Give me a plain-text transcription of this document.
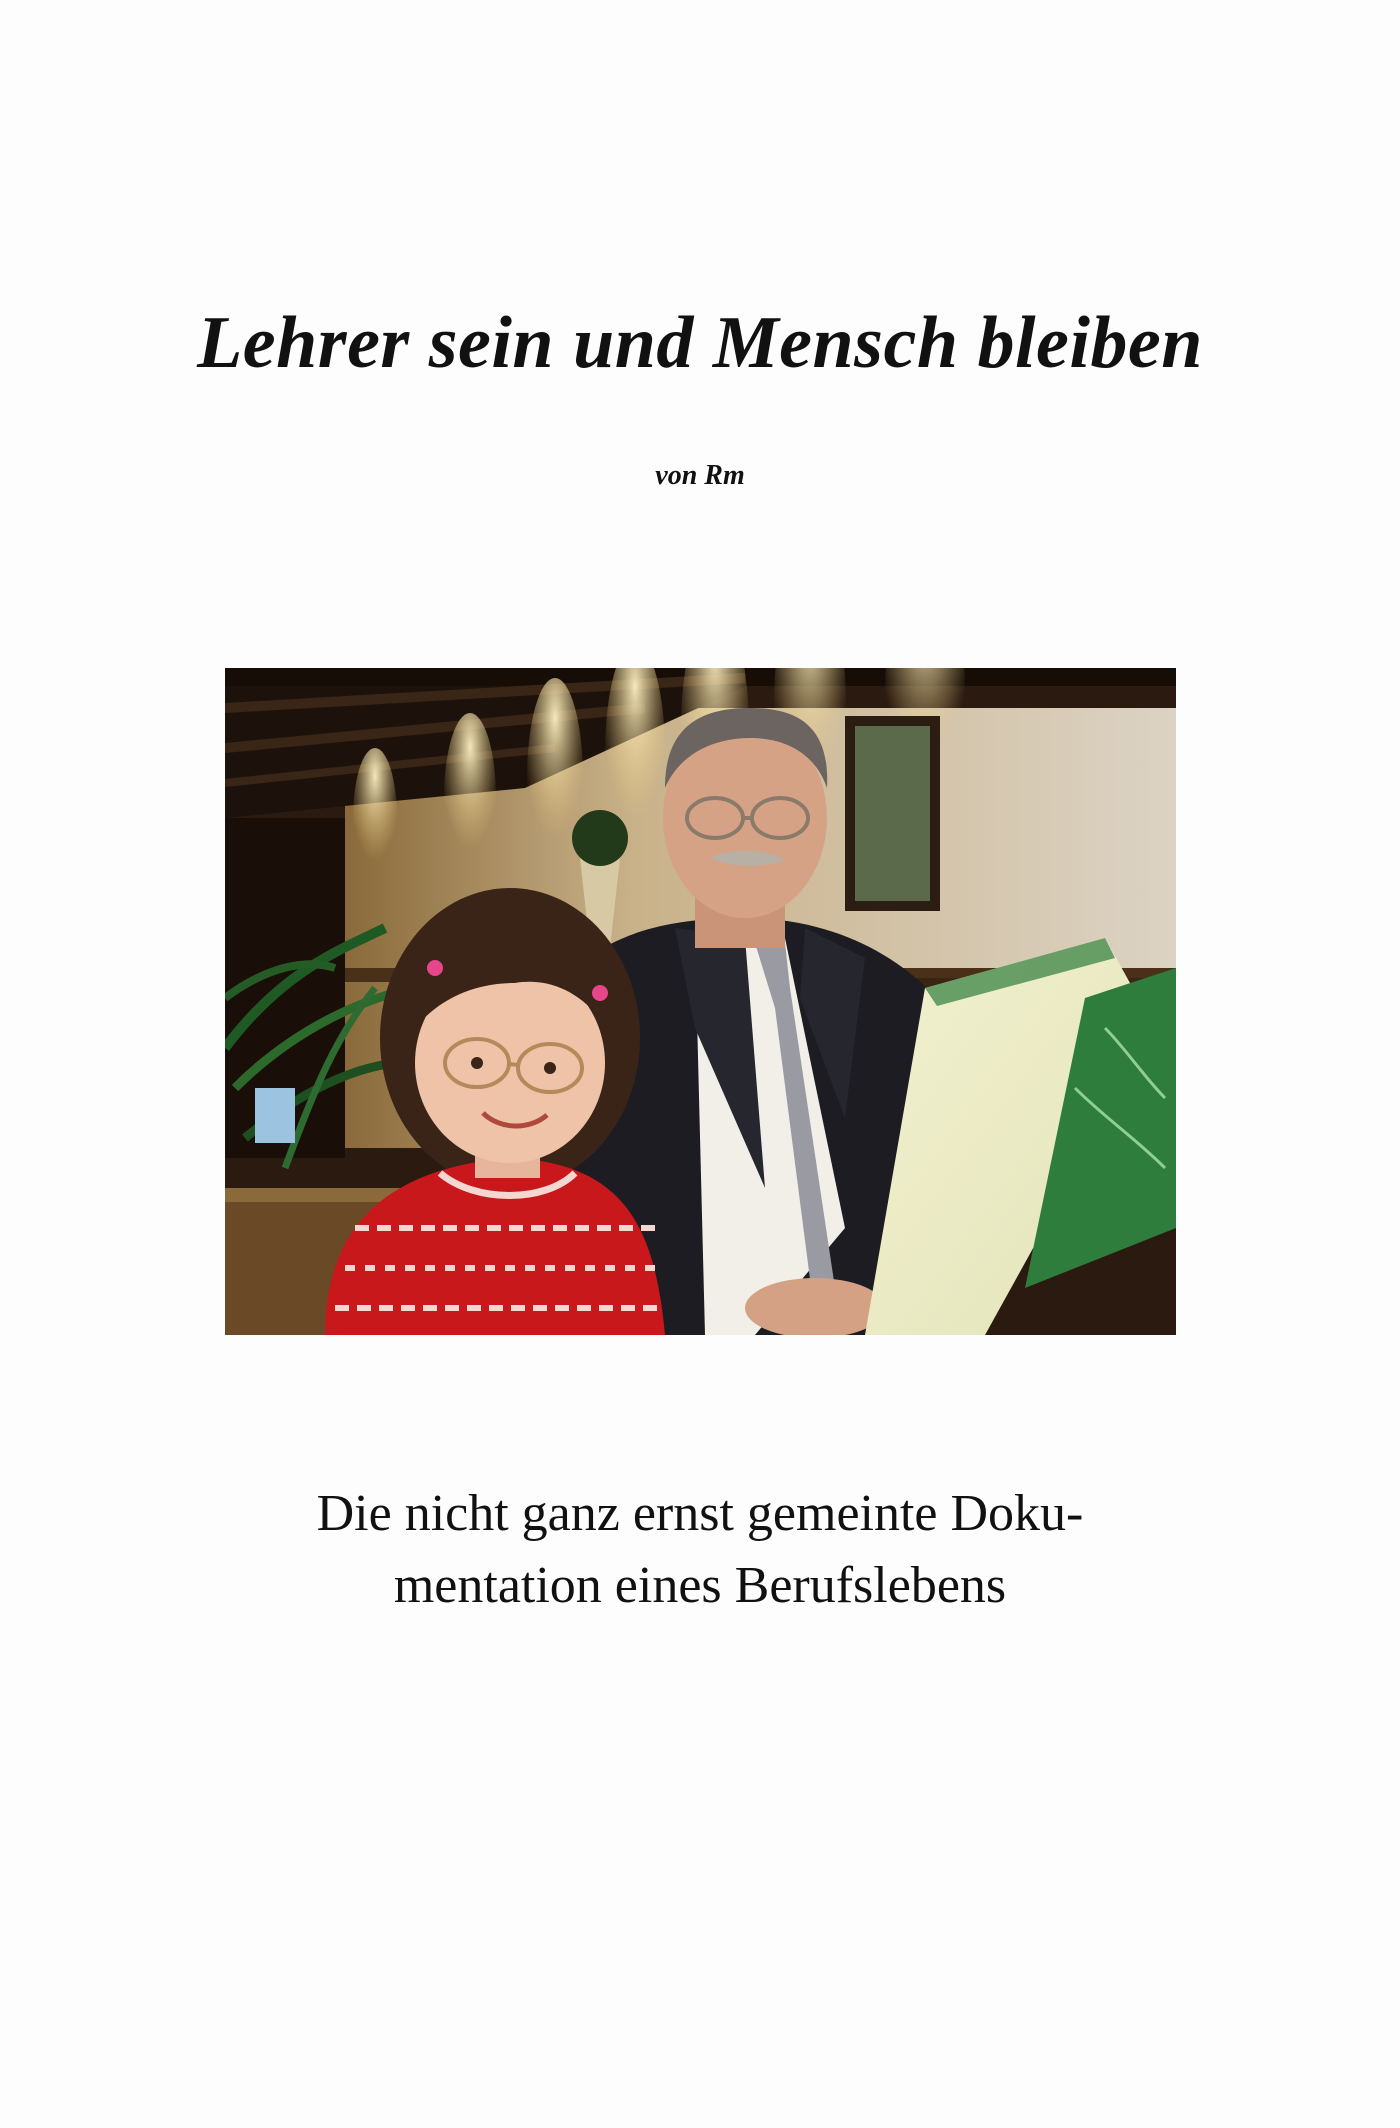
Lehrer sein und Mensch bleiben
von Rm
Die nicht ganz ernst gemeinte Doku-
mentation eines Berufslebens
